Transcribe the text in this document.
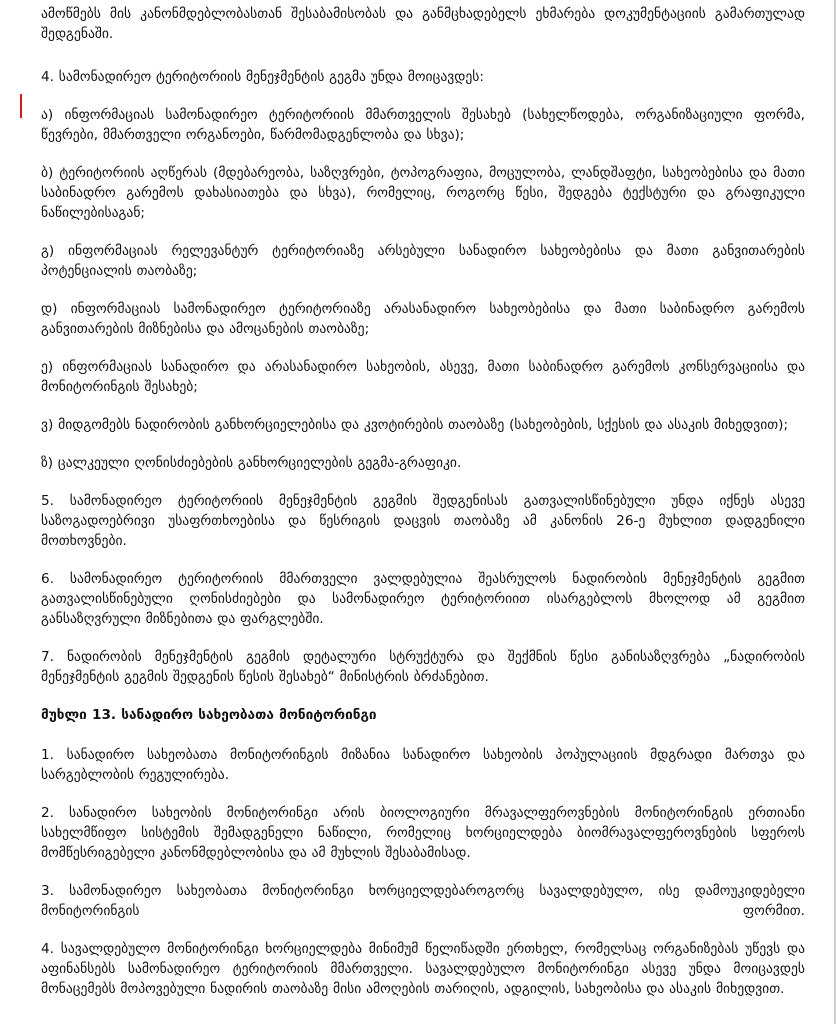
ამოწმებს მის კანონმდებლობასთან შესაბამისობას და განმცხადებელს ეხმარება დოკუმენტაციის გამართულად შედგენაში.

4. სამონადირეო ტერიტორიის მენეჯმენტის გეგმა უნდა მოიცავდეს:

ა) ინფორმაციას სამონადირეო ტერიტორიის მმართველის შესახებ (სახელწოდება, ორგანიზაციული ფორმა, წევრები, მმართველი ორგანოები, წარმომადგენლობა და სხვა);

ბ) ტერიტორიის აღწერას (მდებარეობა, საზღვრები, ტოპოგრაფია, მოცულობა, ლანდშაფტი, სახეობებისა და მათი საბინადრო გარემოს დახასიათება და სხვა), რომელიც, როგორც წესი, შედგება ტექსტური და გრაფიკული ნაწილებისაგან;

გ) ინფორმაციას რელევანტურ ტერიტორიაზე არსებული სანადირო სახეობებისა და მათი განვითარების პოტენციალის თაობაზე;

დ) ინფორმაციას სამონადირეო ტერიტორიაზე არასანადირო სახეობებისა და მათი საბინადრო გარემოს განვითარების მიზნებისა და ამოცანების თაობაზე;

ე) ინფორმაციას სანადირო და არასანადირო სახეობის, ასევე, მათი საბინადრო გარემოს კონსერვაციისა და მონიტორინგის შესახებ;

ვ) მიდგომებს ნადირობის განხორციელებისა და კვოტირების თაობაზე (სახეობების, სქესის და ასაკის მიხედვით);

ზ) ცალკეული ღონისძიებების განხორციელების გეგმა-გრაფიკი.

5. სამონადირეო ტერიტორიის მენეჯმენტის გეგმის შედგენისას გათვალისწინებული უნდა იქნეს ასევე საზოგადოებრივი უსაფრთხოებისა და წესრიგის დაცვის თაობაზე ამ კანონის 26-ე მუხლით დადგენილი მოთხოვნები.

6. სამონადირეო ტერიტორიის მმართველი ვალდებულია შეასრულოს ნადირობის მენეჯმენტის გეგმით გათვალისწინებული ღონისძიებები და სამონადირეო ტერიტორიით ისარგებლოს მხოლოდ ამ გეგმით განსაზღვრული მიზნებითა და ფარგლებში.

7. ნადირობის მენეჯმენტის გეგმის დეტალური სტრუქტურა და შექმნის წესი განისაზღვრება „ნადირობის მენეჯმენტის გეგმის შედგენის წესის შესახებ“ მინისტრის ბრძანებით.

მუხლი 13. სანადირო სახეობათა მონიტორინგი

1. სანადირო სახეობათა მონიტორინგის მიზანია სანადირო სახეობის პოპულაციის მდგრადი მართვა და სარგებლობის რეგულირება.

2. სანადირო სახეობის მონიტორინგი არის ბიოლოგიური მრავალფეროვნების მონიტორინგის ერთიანი სახელმწიფო სისტემის შემადგენელი ნაწილი, რომელიც ხორციელდება ბიომრავალფეროვნების სფეროს მომწესრიგებელი კანონმდებლობისა და ამ მუხლის შესაბამისად.

3. სამონადირეო სახეობათა მონიტორინგი ხორციელდებაროგორც სავალდებულო, ისე დამოუკიდებელი მონიტორინგის ფორმით.

4. სავალდებულო მონიტორინგი ხორციელდება მინიმუმ წელიწადში ერთხელ, რომელსაც ორგანიზებას უწევს და აფინანსებს სამონადირეო ტერიტორიის მმართველი. სავალდებულო მონიტორინგი ასევე უნდა მოიცავდეს მონაცემებს მოპოვებული ნადირის თაობაზე მისი ამოღების თარიღის, ადგილის, სახეობისა და ასაკის მიხედვით.
